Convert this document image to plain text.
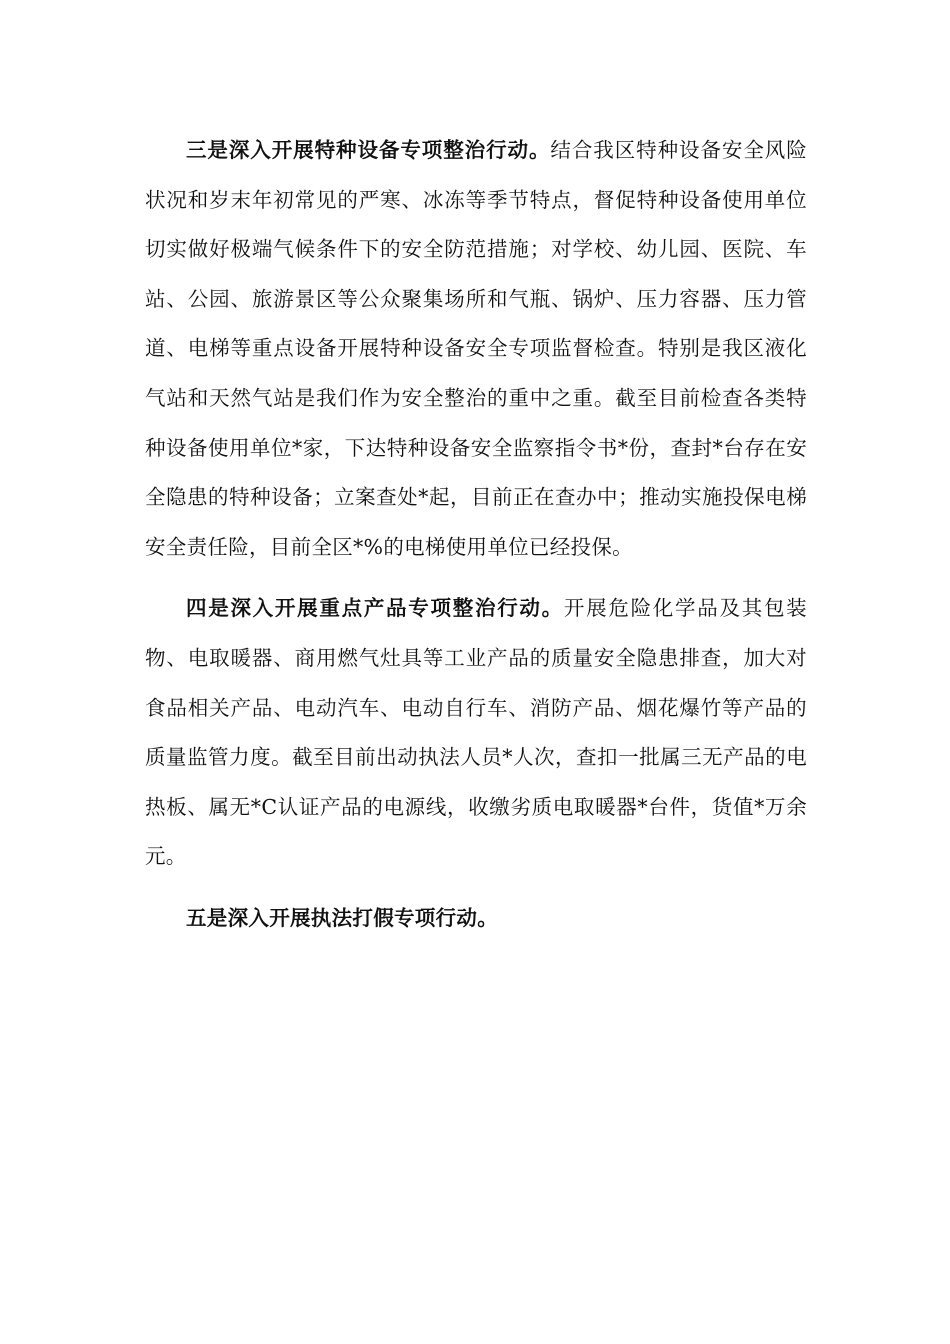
三是深入开展特种设备专项整治行动。结合我区特种设备安全风险状况和岁末年初常见的严寒、冰冻等季节特点，督促特种设备使用单位切实做好极端气候条件下的安全防范措施；对学校、幼儿园、医院、车站、公园、旅游景区等公众聚集场所和气瓶、锅炉、压力容器、压力管道、电梯等重点设备开展特种设备安全专项监督检查。特别是我区液化气站和天然气站是我们作为安全整治的重中之重。截至目前检查各类特种设备使用单位*家，下达特种设备安全监察指令书*份，查封*台存在安全隐患的特种设备；立案查处*起，目前正在查办中；推动实施投保电梯安全责任险，目前全区*%的电梯使用单位已经投保。

四是深入开展重点产品专项整治行动。开展危险化学品及其包装物、电取暖器、商用燃气灶具等工业产品的质量安全隐患排查，加大对食品相关产品、电动汽车、电动自行车、消防产品、烟花爆竹等产品的质量监管力度。截至目前出动执法人员*人次，查扣一批属三无产品的电热板、属无*C认证产品的电源线，收缴劣质电取暖器*台件，货值*万余元。

五是深入开展执法打假专项行动。
